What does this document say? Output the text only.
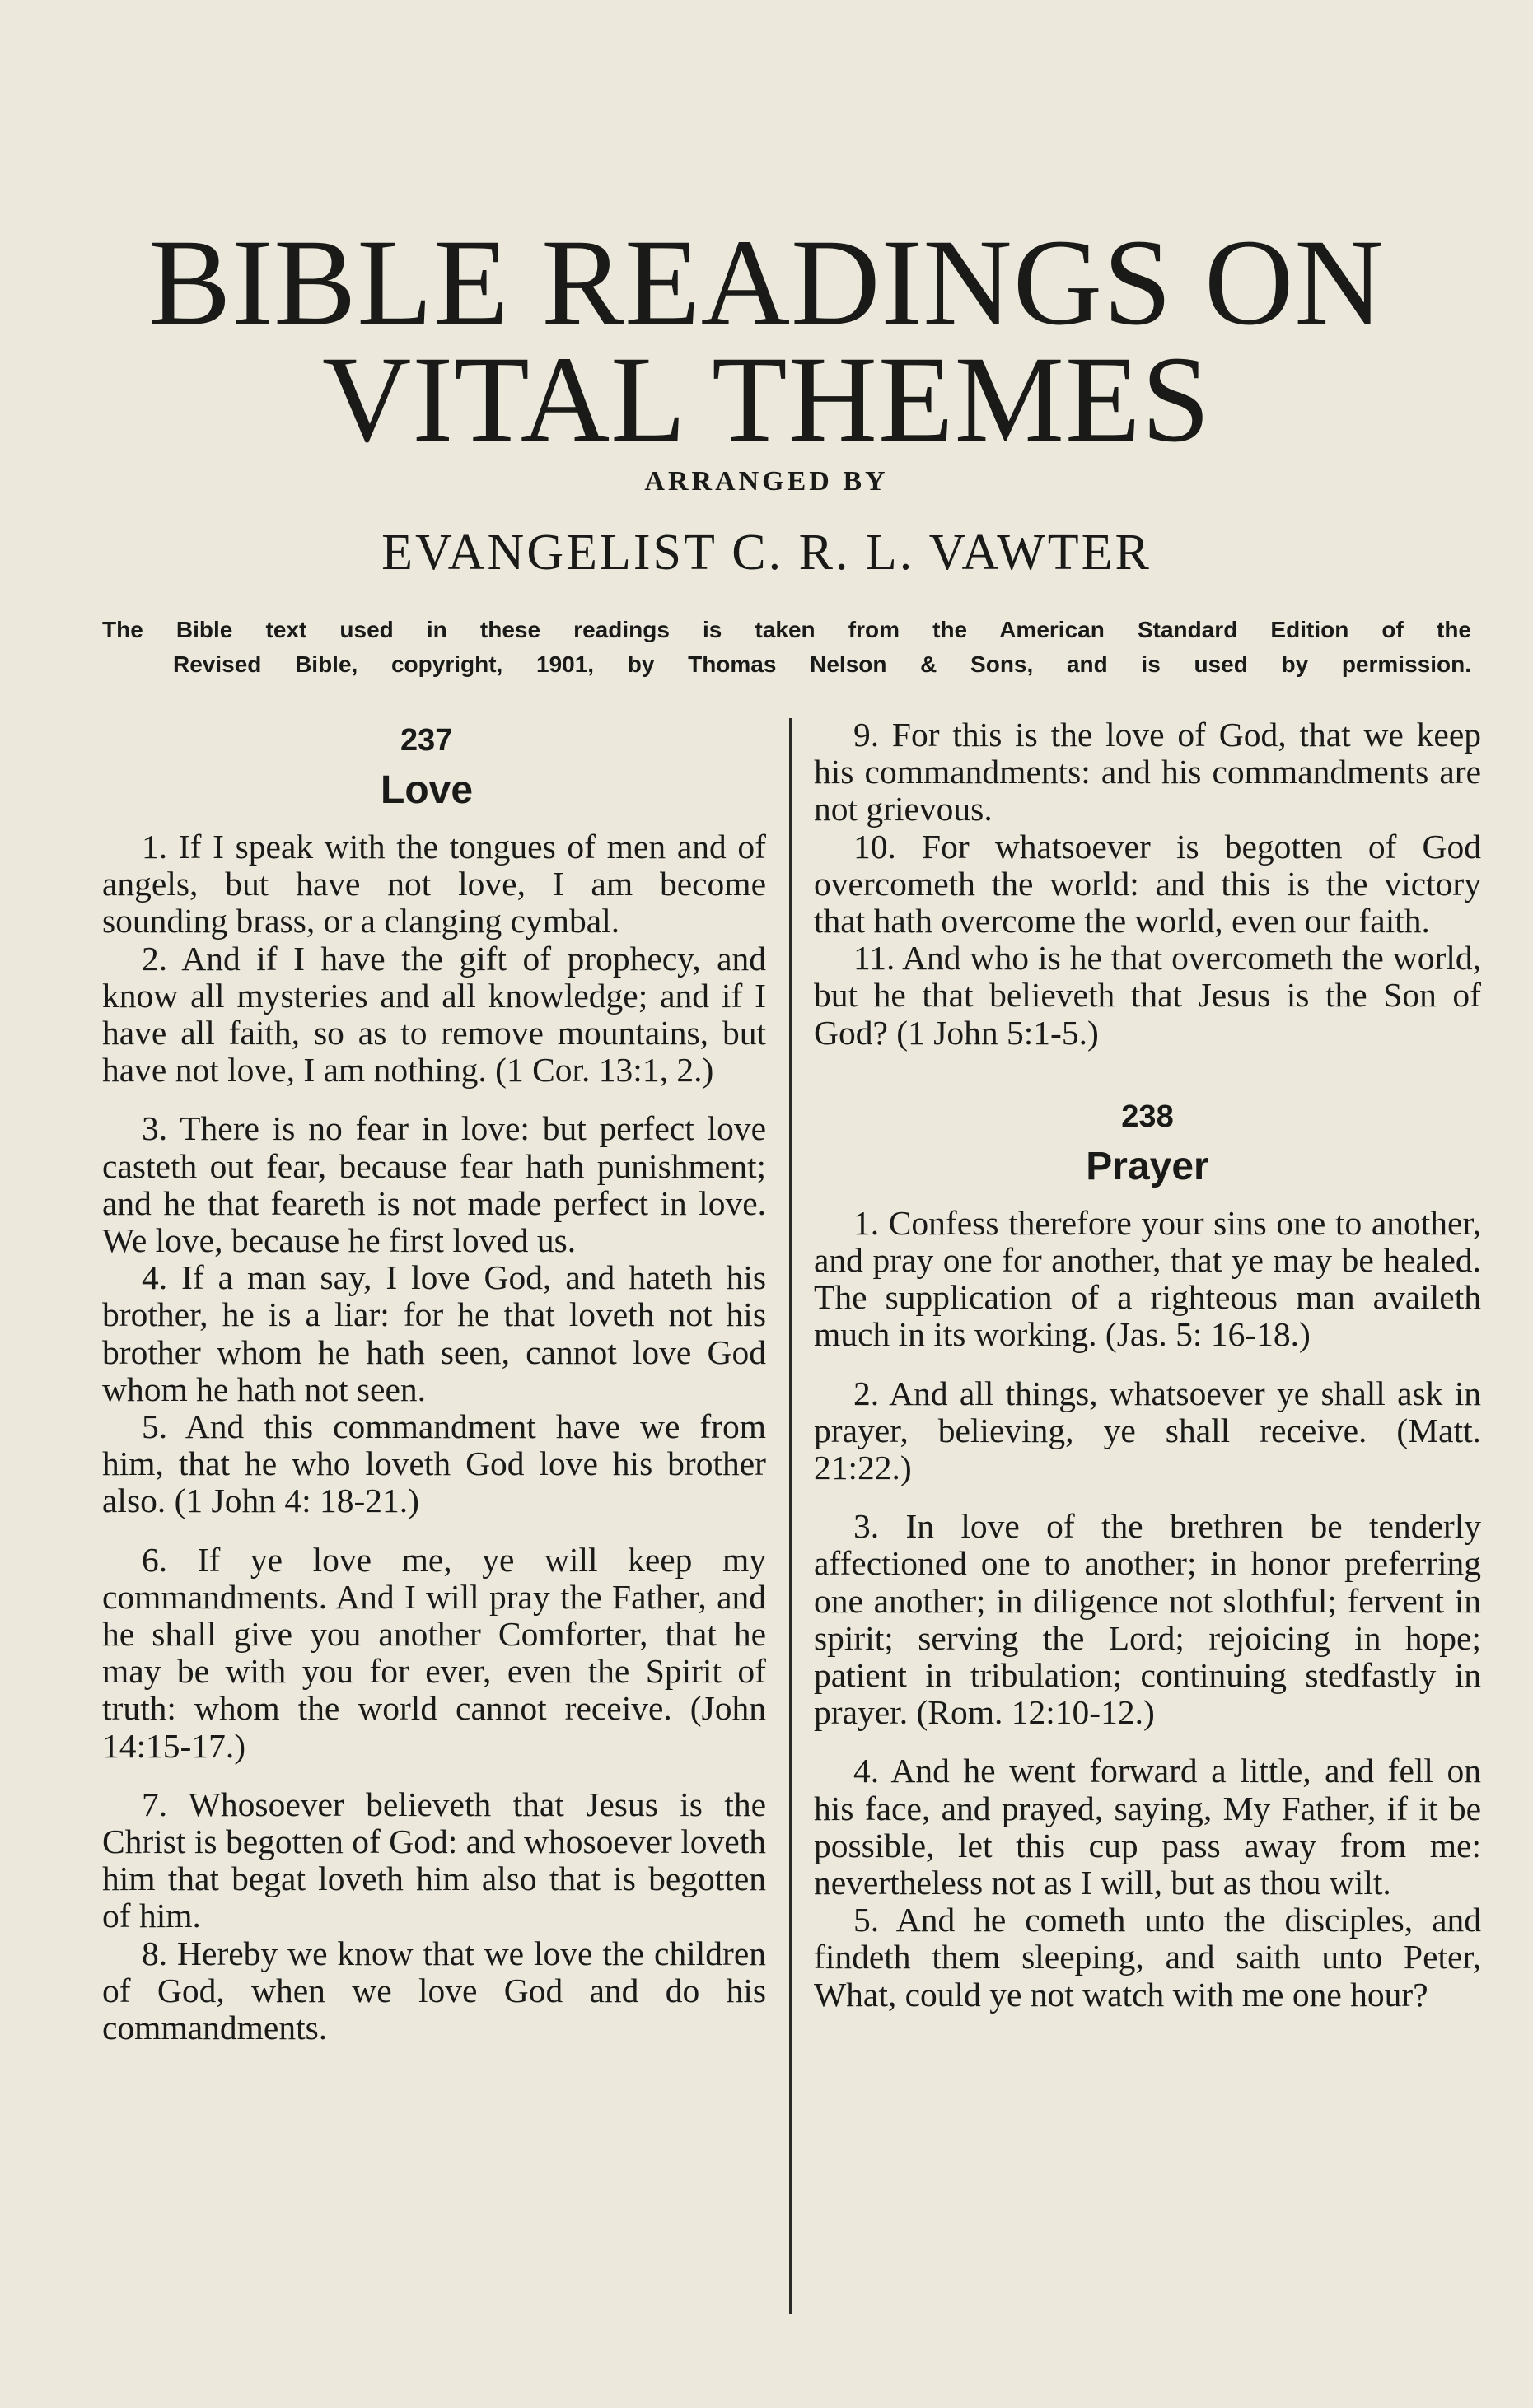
BIBLE READINGS ON
VITAL THEMES
ARRANGED BY
EVANGELIST C. R. L. VAWTER
The Bible text used in these readings is taken from the American Standard Edition of the
Revised Bible, copyright, 1901, by Thomas Nelson & Sons, and is used by permission.
237
Love

1. If I speak with the tongues of men and of angels, but have not love, I am become sounding brass, or a clanging cymbal.

2. And if I have the gift of prophecy, and know all mysteries and all knowledge; and if I have all faith, so as to remove mountains, but have not love, I am nothing. (1 Cor. 13:1, 2.)

3. There is no fear in love: but perfect love casteth out fear, because fear hath punishment; and he that feareth is not made perfect in love. We love, because he first loved us.

4. If a man say, I love God, and hateth his brother, he is a liar: for he that loveth not his brother whom he hath seen, cannot love God whom he hath not seen.

5. And this commandment have we from him, that he who loveth God love his brother also. (1 John 4: 18-21.)

6. If ye love me, ye will keep my commandments. And I will pray the Father, and he shall give you another Comforter, that he may be with you for ever, even the Spirit of truth: whom the world cannot receive. (John 14:15-17.)

7. Whosoever believeth that Jesus is the Christ is begotten of God: and whosoever loveth him that begat loveth him also that is begotten of him.

8. Hereby we know that we love the children of God, when we love God and do his commandments.

9. For this is the love of God, that we keep his commandments: and his commandments are not grievous.

10. For whatsoever is begotten of God overcometh the world: and this is the victory that hath overcome the world, even our faith.

11. And who is he that overcometh the world, but he that believeth that Jesus is the Son of God? (1 John 5:1-5.)

238
Prayer

1. Confess therefore your sins one to another, and pray one for another, that ye may be healed. The supplication of a righteous man availeth much in its working. (Jas. 5: 16-18.)

2. And all things, whatsoever ye shall ask in prayer, believing, ye shall receive. (Matt. 21:22.)

3. In love of the brethren be tenderly affectioned one to another; in honor preferring one another; in diligence not slothful; fervent in spirit; serving the Lord; rejoicing in hope; patient in tribulation; continuing stedfastly in prayer. (Rom. 12:10-12.)

4. And he went forward a little, and fell on his face, and prayed, saying, My Father, if it be possible, let this cup pass away from me: nevertheless not as I will, but as thou wilt.

5. And he cometh unto the disciples, and findeth them sleeping, and saith unto Peter, What, could ye not watch with me one hour?
